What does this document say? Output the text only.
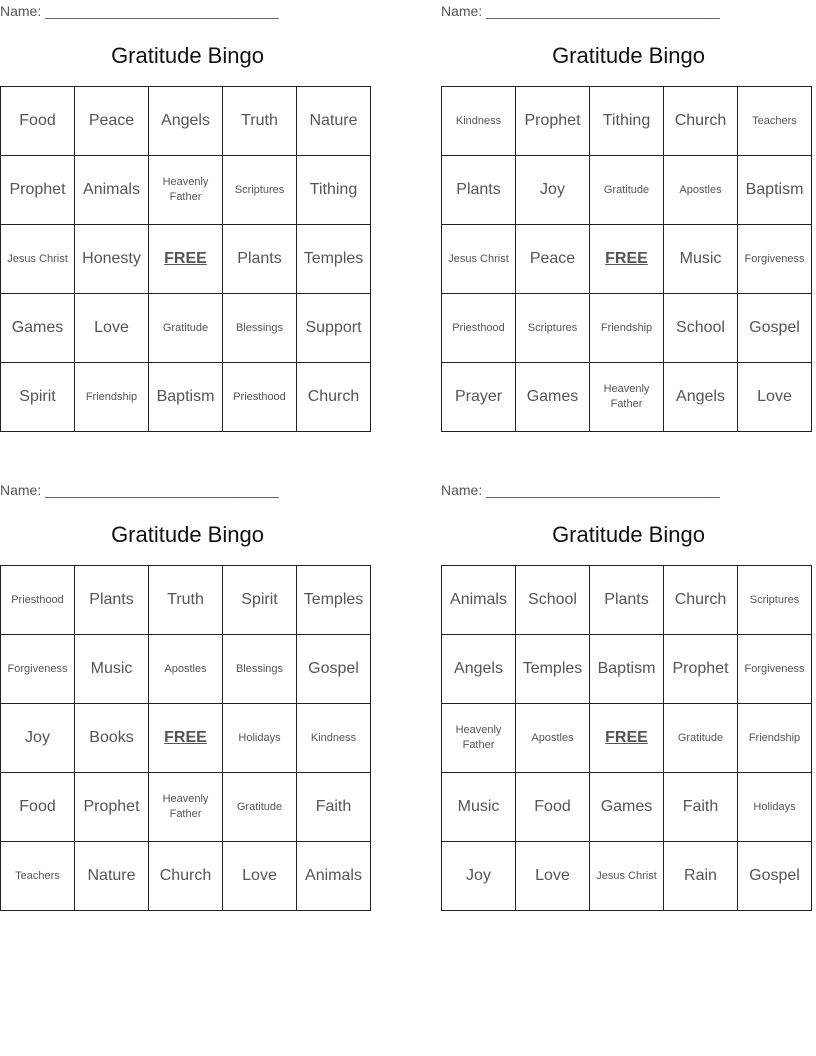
Name: ______________________________
Gratitude Bingo
Food	Peace	Angels	Truth	Nature
Prophet	Animals	Heavenly Father	Scriptures	Tithing
Jesus Christ	Honesty	FREE	Plants	Temples
Games	Love	Gratitude	Blessings	Support
Spirit	Friendship	Baptism	Priesthood	Church
Name: ______________________________
Gratitude Bingo
Kindness	Prophet	Tithing	Church	Teachers
Plants	Joy	Gratitude	Apostles	Baptism
Jesus Christ	Peace	FREE	Music	Forgiveness
Priesthood	Scriptures	Friendship	School	Gospel
Prayer	Games	Heavenly Father	Angels	Love
Name: ______________________________
Gratitude Bingo
Priesthood	Plants	Truth	Spirit	Temples
Forgiveness	Music	Apostles	Blessings	Gospel
Joy	Books	FREE	Holidays	Kindness
Food	Prophet	Heavenly Father	Gratitude	Faith
Teachers	Nature	Church	Love	Animals
Name: ______________________________
Gratitude Bingo
Animals	School	Plants	Church	Scriptures
Angels	Temples	Baptism	Prophet	Forgiveness
Heavenly Father	Apostles	FREE	Gratitude	Friendship
Music	Food	Games	Faith	Holidays
Joy	Love	Jesus Christ	Rain	Gospel
